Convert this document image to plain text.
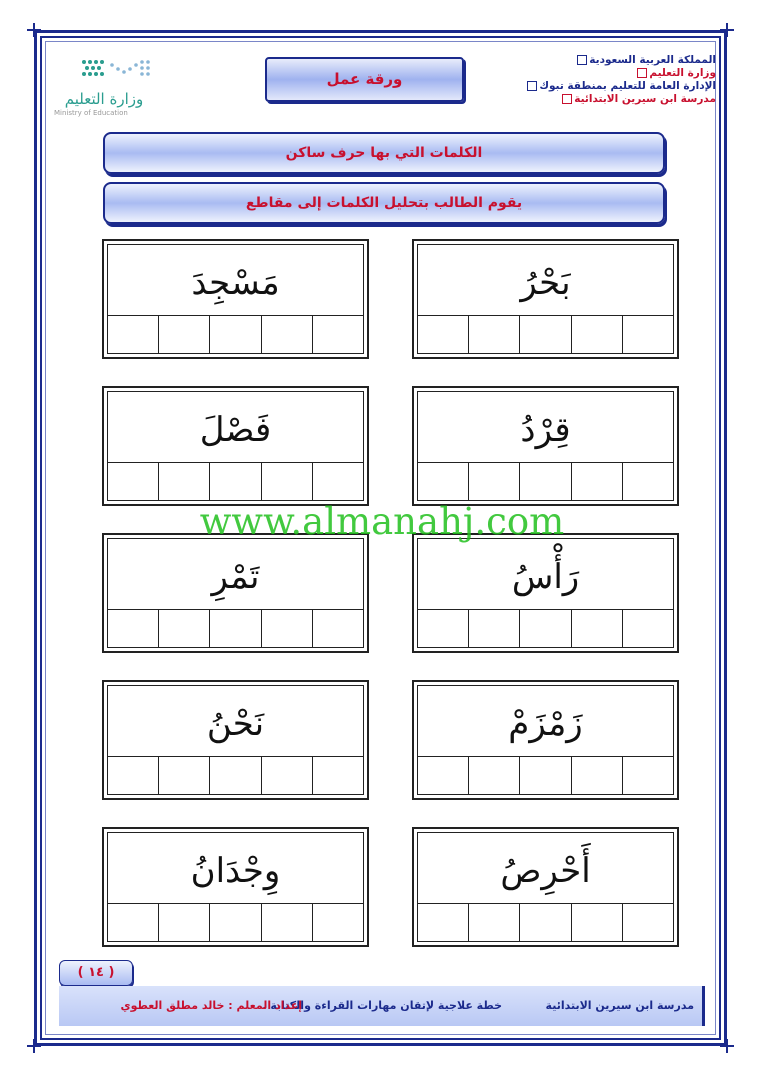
المملكة العربية السعودية
وزارة التعليم
الإدارة العامة للتعليم بمنطقة تبوك
مدرسة ابن سيرين الابتدائية
وزارة التعليم
Ministry of Education
ورقة عمل
الكلمات التي بها حرف ساكن
يقوم الطالب بتحليل الكلمات إلى مقاطع
بَحْرُ
مَسْجِدَ
قِرْدُ
فَصْلَ
رَأْسُ
تَمْرِ
زَمْزَمْ
نَحْنُ
أَحْرِصُ
وِجْدَانُ
www.almanahj.com
( ١٤ )
مدرسة ابن سيرين الابتدائية
خطة علاجية لإتقان مهارات القراءة والكتابة .
إعداد المعلم : خالد مطلق العطوي
